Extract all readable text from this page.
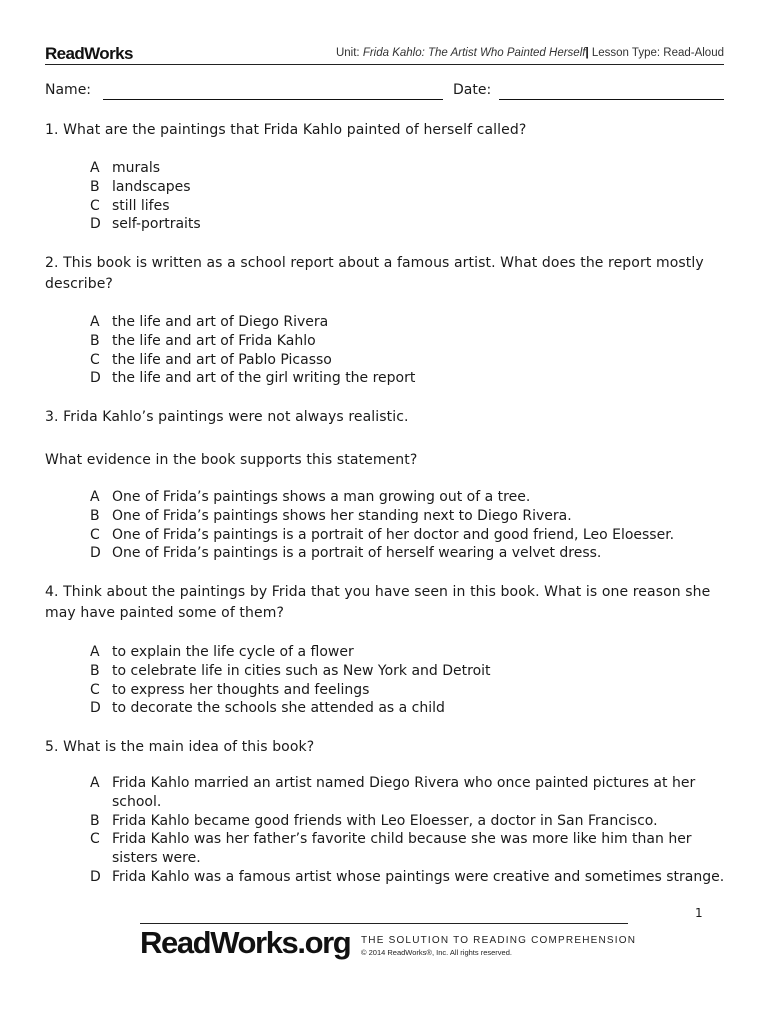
ReadWorks	Unit: Frida Kahlo: The Artist Who Painted Herself| Lesson Type: Read-Aloud
Name:	Date:
1. What are the paintings that Frida Kahlo painted of herself called?
A murals
B landscapes
C still lifes
D self-portraits
2. This book is written as a school report about a famous artist. What does the report mostly describe?
A the life and art of Diego Rivera
B the life and art of Frida Kahlo
C the life and art of Pablo Picasso
D the life and art of the girl writing the report
3. Frida Kahlo’s paintings were not always realistic.
What evidence in the book supports this statement?
A One of Frida’s paintings shows a man growing out of a tree.
B One of Frida’s paintings shows her standing next to Diego Rivera.
C One of Frida’s paintings is a portrait of her doctor and good friend, Leo Eloesser.
D One of Frida’s paintings is a portrait of herself wearing a velvet dress.
4. Think about the paintings by Frida that you have seen in this book. What is one reason she may have painted some of them?
A to explain the life cycle of a flower
B to celebrate life in cities such as New York and Detroit
C to express her thoughts and feelings
D to decorate the schools she attended as a child
5. What is the main idea of this book?
A Frida Kahlo married an artist named Diego Rivera who once painted pictures at her school.
B Frida Kahlo became good friends with Leo Eloesser, a doctor in San Francisco.
C Frida Kahlo was her father’s favorite child because she was more like him than her sisters were.
D Frida Kahlo was a famous artist whose paintings were creative and sometimes strange.
1
ReadWorks.org THE SOLUTION TO READING COMPREHENSION
© 2014 ReadWorks®, Inc. All rights reserved.
